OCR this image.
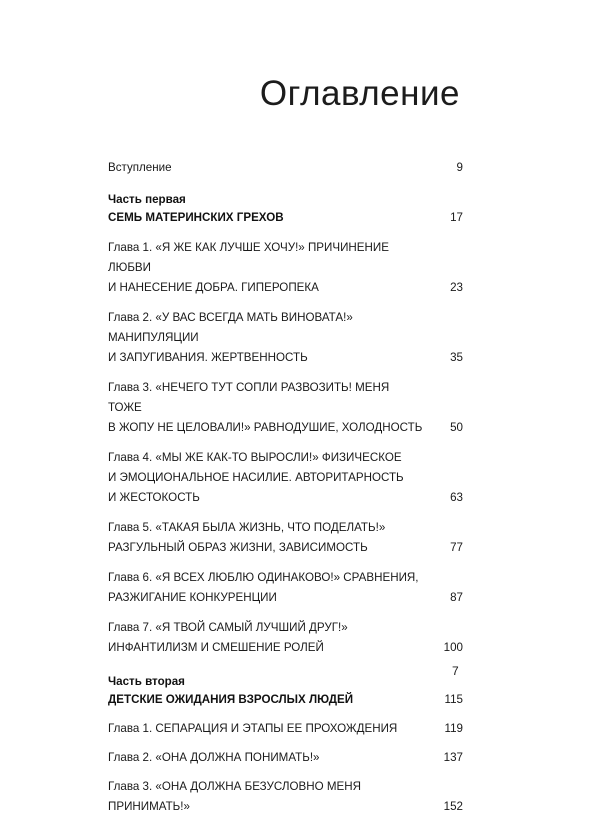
Оглавление
Вступление	9
Часть первая
СЕМЬ МАТЕРИНСКИХ ГРЕХОВ	17
Глава 1. «Я ЖЕ КАК ЛУЧШЕ ХОЧУ!» ПРИЧИНЕНИЕ ЛЮБВИ
И НАНЕСЕНИЕ ДОБРА. ГИПЕРОПЕКА	23
Глава 2. «У ВАС ВСЕГДА МАТЬ ВИНОВАТА!» МАНИПУЛЯЦИИ
И ЗАПУГИВАНИЯ. ЖЕРТВЕННОСТЬ	35
Глава 3. «НЕЧЕГО ТУТ СОПЛИ РАЗВОЗИТЬ! МЕНЯ ТОЖЕ
В ЖОПУ НЕ ЦЕЛОВАЛИ!» РАВНОДУШИЕ, ХОЛОДНОСТЬ	50
Глава 4. «МЫ ЖЕ КАК-ТО ВЫРОСЛИ!» ФИЗИЧЕСКОЕ
И ЭМОЦИОНАЛЬНОЕ НАСИЛИЕ. АВТОРИТАРНОСТЬ
И ЖЕСТОКОСТЬ	63
Глава 5. «ТАКАЯ БЫЛА ЖИЗНЬ, ЧТО ПОДЕЛАТЬ!»
РАЗГУЛЬНЫЙ ОБРАЗ ЖИЗНИ, ЗАВИСИМОСТЬ	77
Глава 6. «Я ВСЕХ ЛЮБЛЮ ОДИНАКОВО!» СРАВНЕНИЯ,
РАЗЖИГАНИЕ КОНКУРЕНЦИИ	87
Глава 7. «Я ТВОЙ САМЫЙ ЛУЧШИЙ ДРУГ!»
ИНФАНТИЛИЗМ И СМЕШЕНИЕ РОЛЕЙ	100
Часть вторая
ДЕТСКИЕ ОЖИДАНИЯ ВЗРОСЛЫХ ЛЮДЕЙ	115
Глава 1. СЕПАРАЦИЯ И ЭТАПЫ ЕЕ ПРОХОЖДЕНИЯ	119
Глава 2. «ОНА ДОЛЖНА ПОНИМАТЬ!»	137
Глава 3. «ОНА ДОЛЖНА БЕЗУСЛОВНО МЕНЯ ПРИНИМАТЬ!»	152
7
